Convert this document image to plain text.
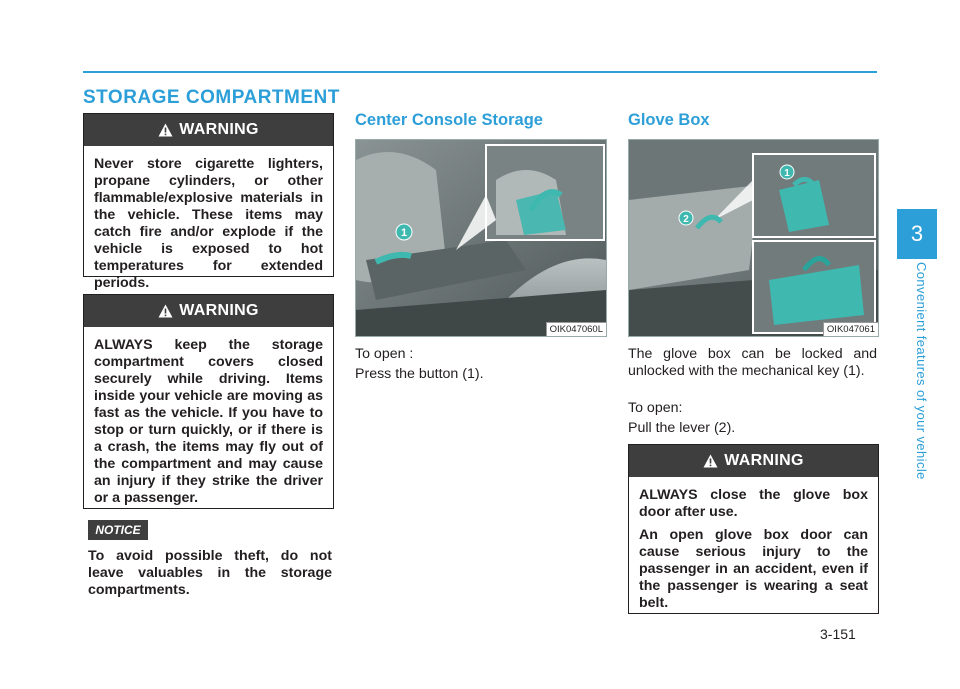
STORAGE COMPARTMENT
3
Convenient features of your vehicle
WARNING
Never store cigarette lighters, propane cylinders, or other flammable/explosive materials in the vehicle. These items may catch fire and/or explode if the vehicle is exposed to hot temperatures for extended periods.
WARNING
ALWAYS keep the storage compartment covers closed securely while driving. Items inside your vehicle are moving as fast as the vehicle. If you have to stop or turn quickly, or if there is a crash, the items may fly out of the compartment and may cause an injury if they strike the driver or a passenger.
NOTICE
To avoid possible theft, do not leave valuables in the storage compartments.
Center Console Storage
1
OIK047060L
To open :
Press the button (1).
Glove Box
1
2
OIK047061
The glove box can be locked and unlocked with the mechanical key (1).
To open:
Pull the lever (2).
WARNING

ALWAYS close the glove box door after use.

An open glove box door can cause serious injury to the passenger in an accident, even if the passenger is wearing a seat belt.

3-151
